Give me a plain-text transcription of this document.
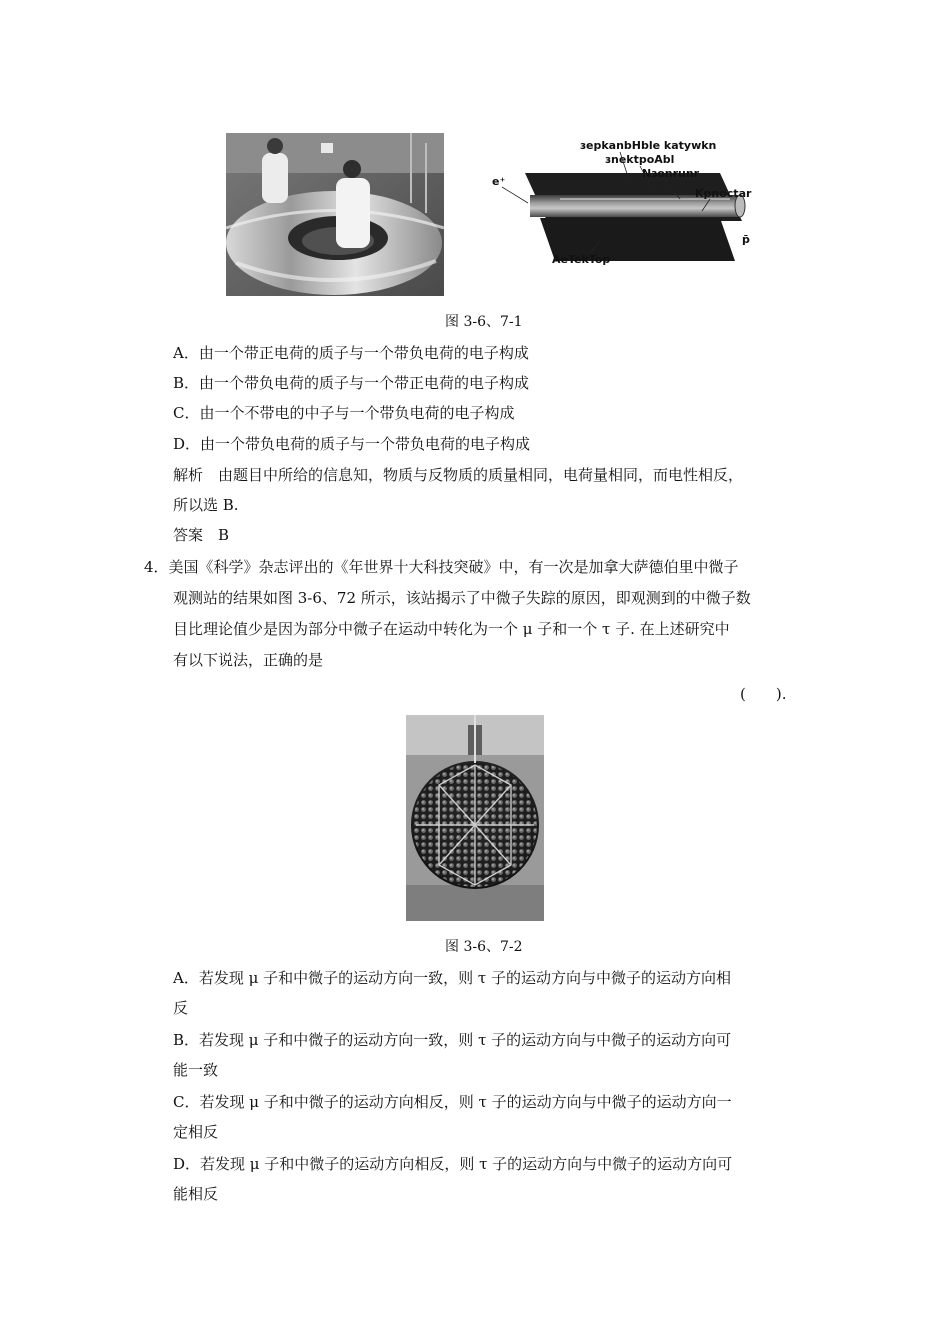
ɜepkanbHble katywkn
ɜnektpoAbl
Nɜonrunr
Kpnoctar
e⁺
p̄
AeTekTop
图 3-6、7-1
A．由一个带正电荷的质子与一个带负电荷的电子构成
B．由一个带负电荷的质子与一个带正电荷的电子构成
C．由一个不带电的中子与一个带负电荷的电子构成
D．由一个带负电荷的质子与一个带负电荷的电子构成
解析　由题目中所给的信息知，物质与反物质的质量相同，电荷量相同，而电性相反，
所以选 B.
答案　B
4．美国《科学》杂志评出的《年世界十大科技突破》中，有一次是加拿大萨德伯里中微子
观测站的结果如图 3-6、72 所示，该站揭示了中微子失踪的原因，即观测到的中微子数
目比理论值少是因为部分中微子在运动中转化为一个 μ 子和一个 τ 子. 在上述研究中
有以下说法，正确的是
(　　).
图 3-6、7-2
A．若发现 μ 子和中微子的运动方向一致，则 τ 子的运动方向与中微子的运动方向相
反
B．若发现 μ 子和中微子的运动方向一致，则 τ 子的运动方向与中微子的运动方向可
能一致
C．若发现 μ 子和中微子的运动方向相反，则 τ 子的运动方向与中微子的运动方向一
定相反
D．若发现 μ 子和中微子的运动方向相反，则 τ 子的运动方向与中微子的运动方向可
能相反
